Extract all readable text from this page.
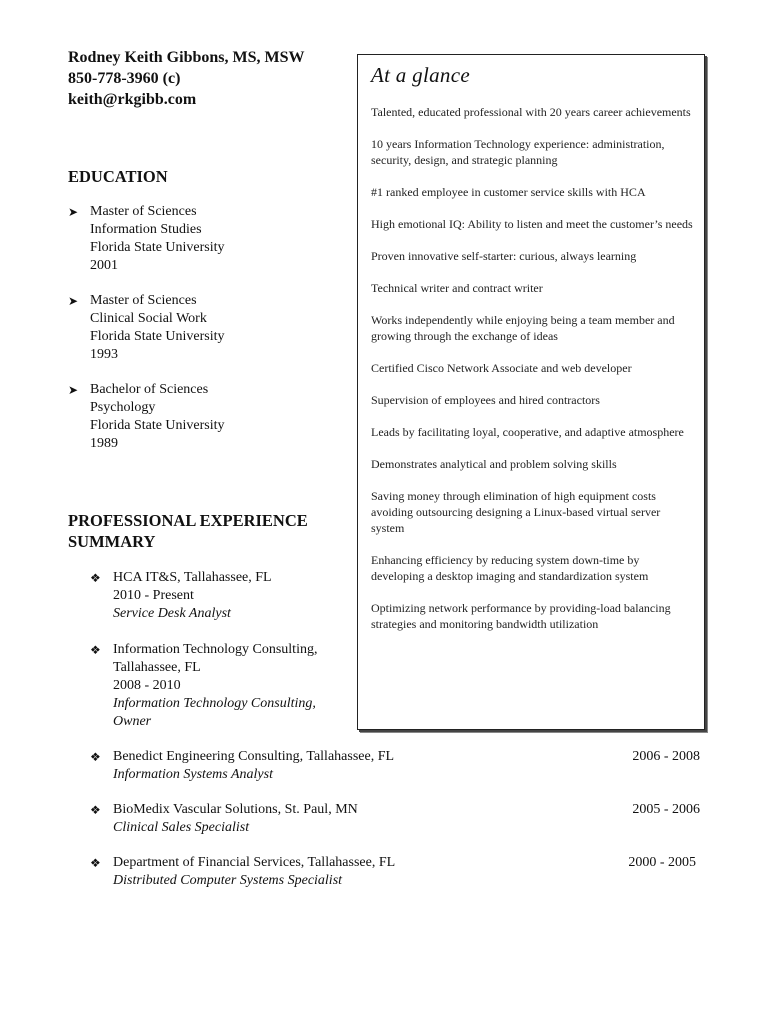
Rodney Keith Gibbons, MS, MSW
850-778-3960 (c)
keith@rkgibb.com
EDUCATION
➤ Master of Sciences
Information Studies
Florida State University
2001
➤ Master of Sciences
Clinical Social Work
Florida State University
1993
➤ Bachelor of Sciences
Psychology
Florida State University
1989
PROFESSIONAL EXPERIENCE
SUMMARY
❖ HCA IT&S, Tallahassee, FL
2010 - Present
Service Desk Analyst
❖ Information Technology Consulting,
Tallahassee, FL
2008 - 2010
Information Technology Consulting,
Owner
❖ Benedict Engineering Consulting, Tallahassee, FL
Information Systems Analyst
2006 - 2008
❖ BioMedix Vascular Solutions, St. Paul, MN
Clinical Sales Specialist
2005 - 2006
❖ Department of Financial Services, Tallahassee, FL
Distributed Computer Systems Specialist
2000 - 2005
At a glance
Talented, educated professional with 20 years career achievements
10 years Information Technology experience: administration, security, design, and strategic planning
#1 ranked employee in customer service skills with HCA
High emotional IQ: Ability to listen and meet the customer’s needs
Proven innovative self-starter: curious, always learning
Technical writer and contract writer
Works independently while enjoying being a team member and growing through the exchange of ideas
Certified Cisco Network Associate and web developer
Supervision of employees and hired contractors
Leads by facilitating loyal, cooperative, and adaptive atmosphere
Demonstrates analytical and problem solving skills
Saving money through elimination of high equipment costs avoiding outsourcing designing a Linux-based virtual server system
Enhancing efficiency by reducing system down-time by developing a desktop imaging and standardization system
Optimizing network performance by providing-load balancing strategies and monitoring bandwidth utilization
